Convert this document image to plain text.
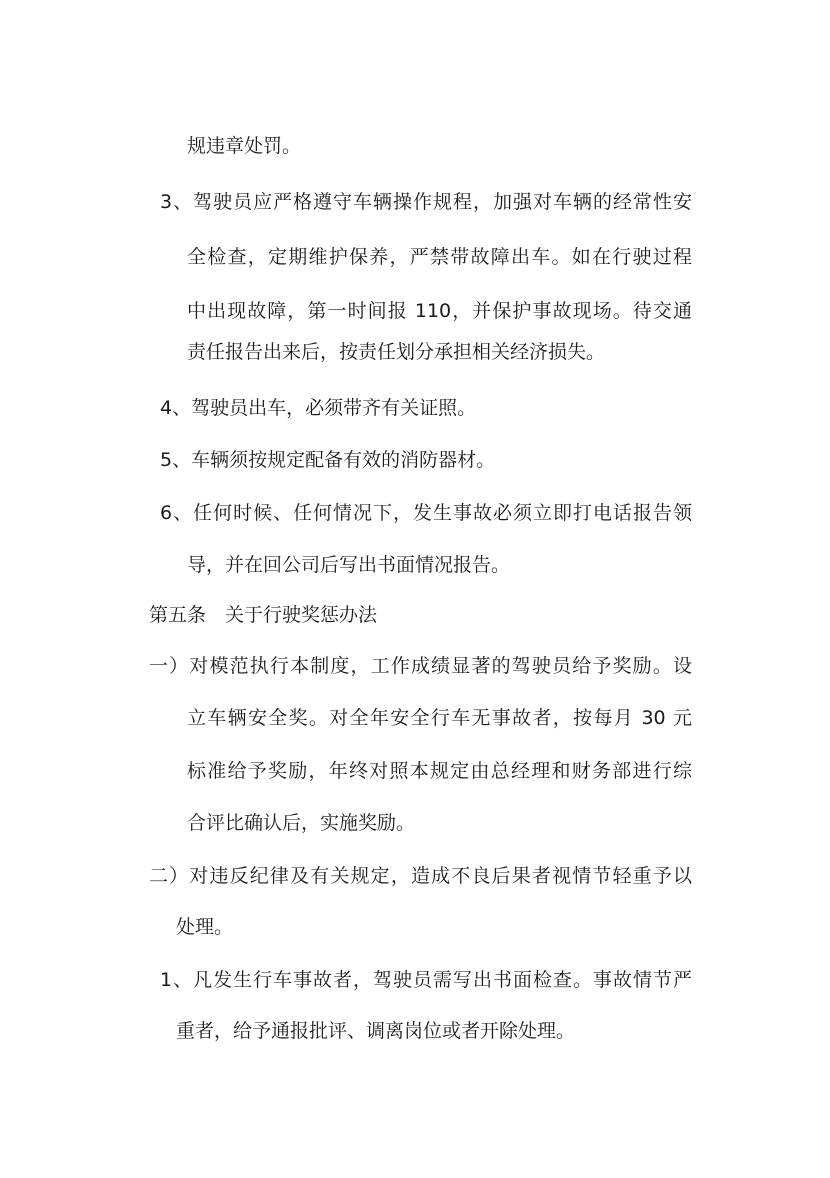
规违章处罚。
3、驾驶员应严格遵守车辆操作规程，加强对车辆的经常性安
全检查，定期维护保养，严禁带故障出车。如在行驶过程
中出现故障，第一时间报 110，并保护事故现场。待交通
责任报告出来后，按责任划分承担相关经济损失。
4、驾驶员出车，必须带齐有关证照。
5、车辆须按规定配备有效的消防器材。
6、任何时候、任何情况下，发生事故必须立即打电话报告领
导，并在回公司后写出书面情况报告。
第五条　关于行驶奖惩办法
一）对模范执行本制度，工作成绩显著的驾驶员给予奖励。设
立车辆安全奖。对全年安全行车无事故者，按每月 30 元
标准给予奖励，年终对照本规定由总经理和财务部进行综
合评比确认后，实施奖励。
二）对违反纪律及有关规定，造成不良后果者视情节轻重予以
处理。
1、凡发生行车事故者，驾驶员需写出书面检查。事故情节严
重者，给予通报批评、调离岗位或者开除处理。
